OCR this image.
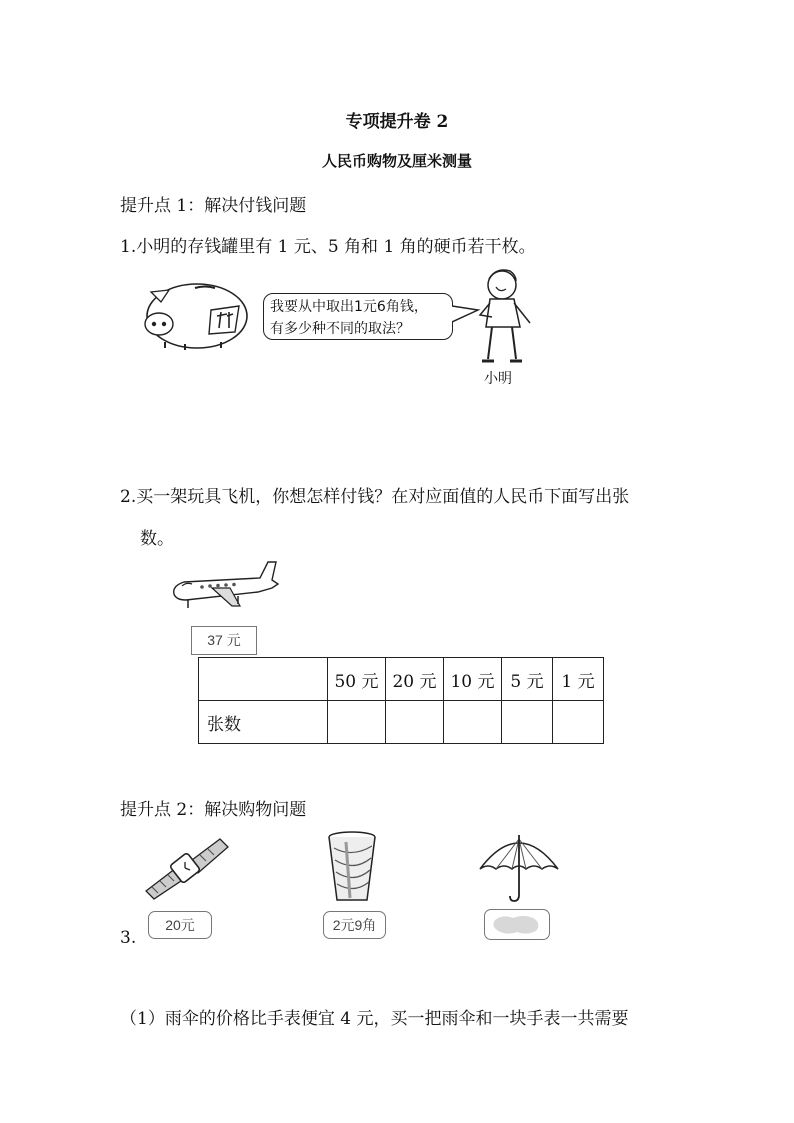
专项提升卷 2
人民币购物及厘米测量
提升点 1：解决付钱问题
1.小明的存钱罐里有 1 元、5 角和 1 角的硬币若干枚。
我要从中取出1元6角钱，
有多少种不同的取法？
小明
2.买一架玩具飞机，你想怎样付钱？在对应面值的人民币下面写出张
数。
37 元
	50 元	20 元	10 元	5 元	1 元
张数					
提升点 2：解决购物问题
20元	2元9角
3.
（1）雨伞的价格比手表便宜 4 元，买一把雨伞和一块手表一共需要
